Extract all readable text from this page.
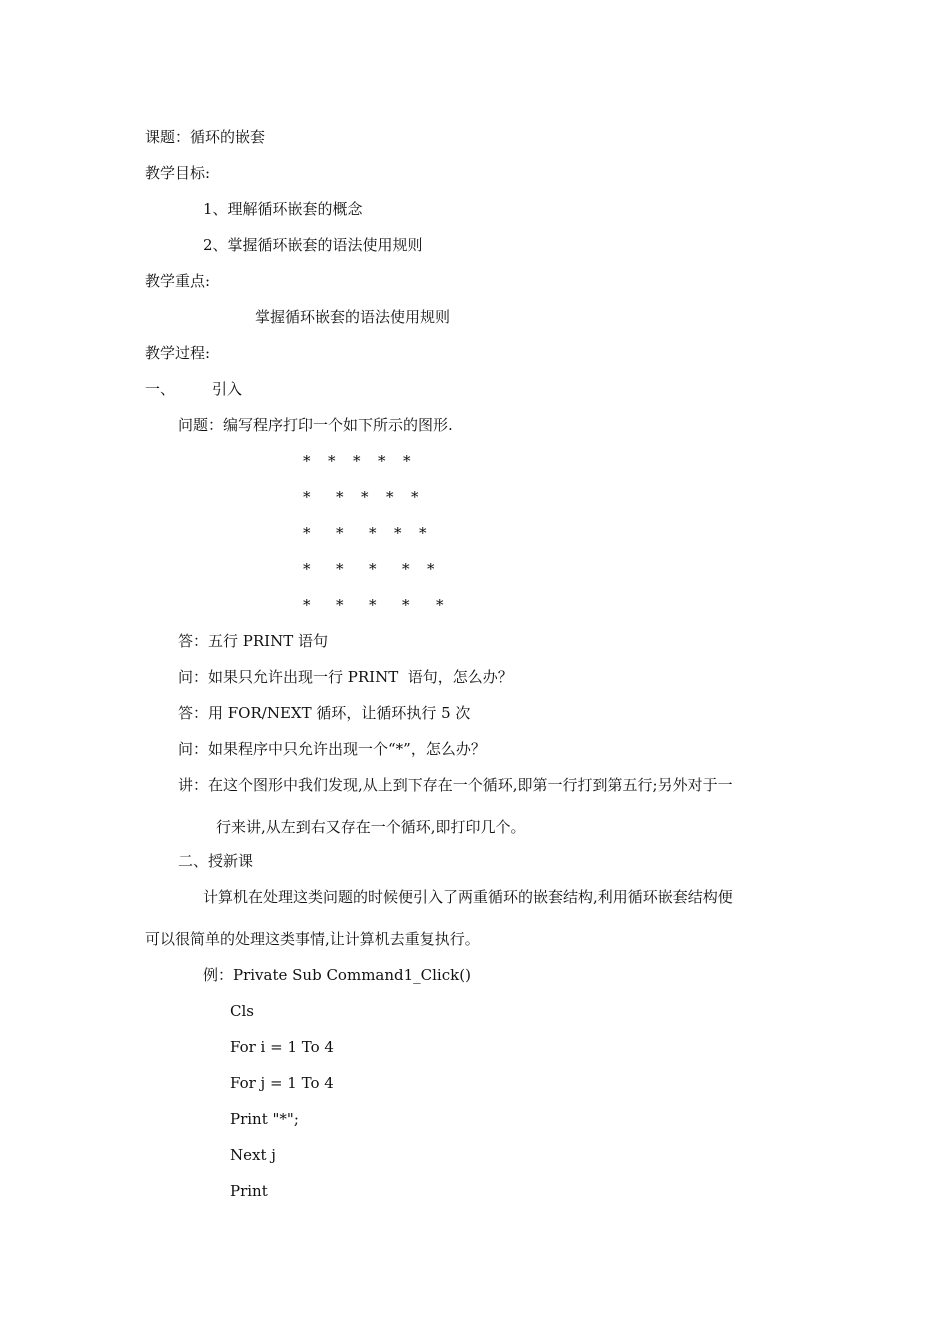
课题：循环的嵌套
教学目标:
1、理解循环嵌套的概念
2、掌握循环嵌套的语法使用规则
教学重点:
掌握循环嵌套的语法使用规则
教学过程:
一、 引入
问题：编写程序打印一个如下所示的图形.
* * * * *
* * * * *
* * * * *
* * * * *
* * * * *
答：五行 PRINT 语句
问：如果只允许出现一行 PRINT  语句，怎么办？
答：用 FOR/NEXT 循环，让循环执行 5 次
问：如果程序中只允许出现一个“*”，怎么办？
讲：在这个图形中我们发现,从上到下存在一个循环,即第一行打到第五行;另外对于一
行来讲,从左到右又存在一个循环,即打印几个。
二、授新课
计算机在处理这类问题的时候便引入了两重循环的嵌套结构,利用循环嵌套结构便
可以很简单的处理这类事情,让计算机去重复执行。
例：Private Sub Command1_Click()
Cls
For i = 1 To 4
For j = 1 To 4
Print "*";
Next j
Print
